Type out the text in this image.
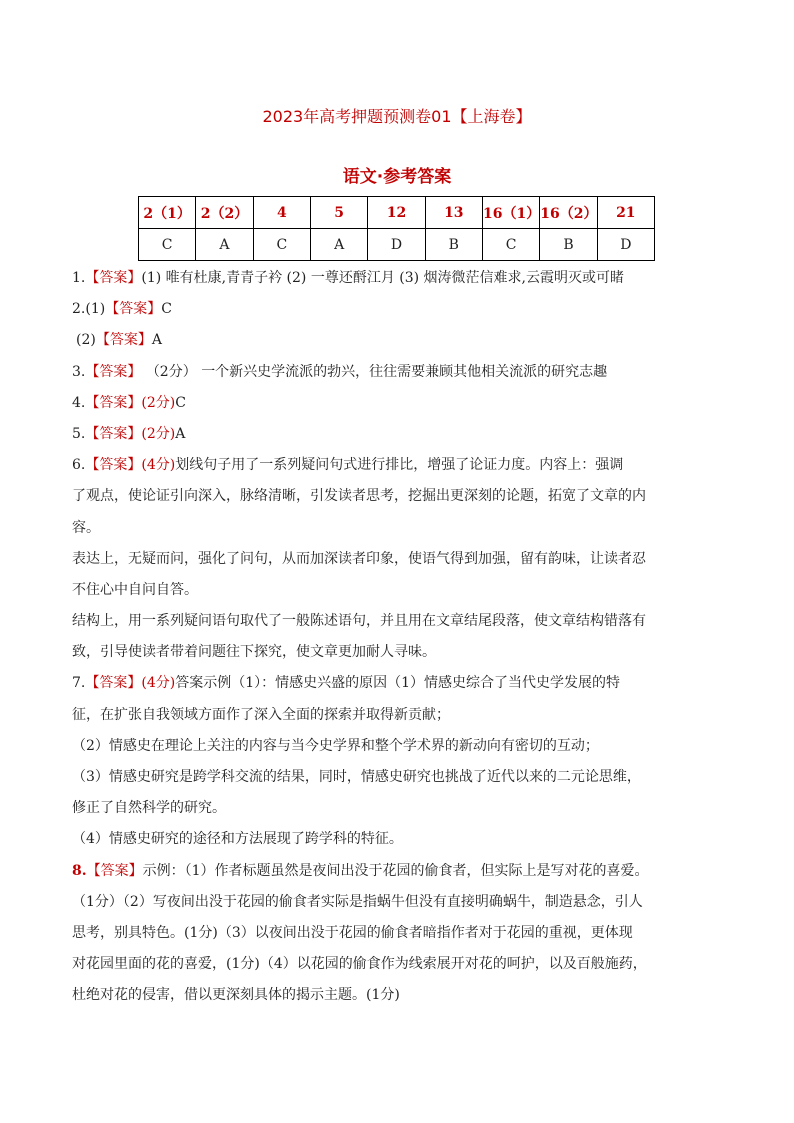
2023年高考押题预测卷01【上海卷】
语文·参考答案
2（1）	2（2）	4	5	12	13	16（1）	16（2）	21
C	A	C	A	D	B	C	B	D
1.【答案】(1) 唯有杜康,青青子衿 (2) 一尊还酹江月 (3) 烟涛微茫信难求,云霞明灭或可睹
2.(1)【答案】C
(2)【答案】A
3.【答案】 （2分） 一个新兴史学流派的勃兴，往往需要兼顾其他相关流派的研究志趣
4.【答案】(2分)C
5.【答案】(2分)A
6.【答案】(4分)划线句子用了一系列疑问句式进行排比，增强了论证力度。内容上：强调
了观点，使论证引向深入，脉络清晰，引发读者思考，挖掘出更深刻的论题，拓宽了文章的内
容。
表达上，无疑而问，强化了问句，从而加深读者印象，使语气得到加强，留有韵味，让读者忍
不住心中自问自答。
结构上，用一系列疑问语句取代了一般陈述语句，并且用在文章结尾段落，使文章结构错落有
致，引导使读者带着问题往下探究，使文章更加耐人寻味。
7.【答案】(4分)答案示例（1）：情感史兴盛的原因（1）情感史综合了当代史学发展的特
征，在扩张自我领域方面作了深入全面的探索并取得新贡献；
（2）情感史在理论上关注的内容与当今史学界和整个学术界的新动向有密切的互动；
（3）情感史研究是跨学科交流的结果，同时，情感史研究也挑战了近代以来的二元论思维，
修正了自然科学的研究。
（4）情感史研究的途径和方法展现了跨学科的特征。
8.【答案】示例：（1）作者标题虽然是夜间出没于花园的偷食者，但实际上是写对花的喜爱。
（1分）（2）写夜间出没于花园的偷食者实际是指蜗牛但没有直接明确蜗牛，制造悬念，引人
思考，别具特色。(1分)（3）以夜间出没于花园的偷食者暗指作者对于花园的重视，更体现
对花园里面的花的喜爱，(1分)（4）以花园的偷食作为线索展开对花的呵护，以及百般施药，
杜绝对花的侵害，借以更深刻具体的揭示主题。(1分)
